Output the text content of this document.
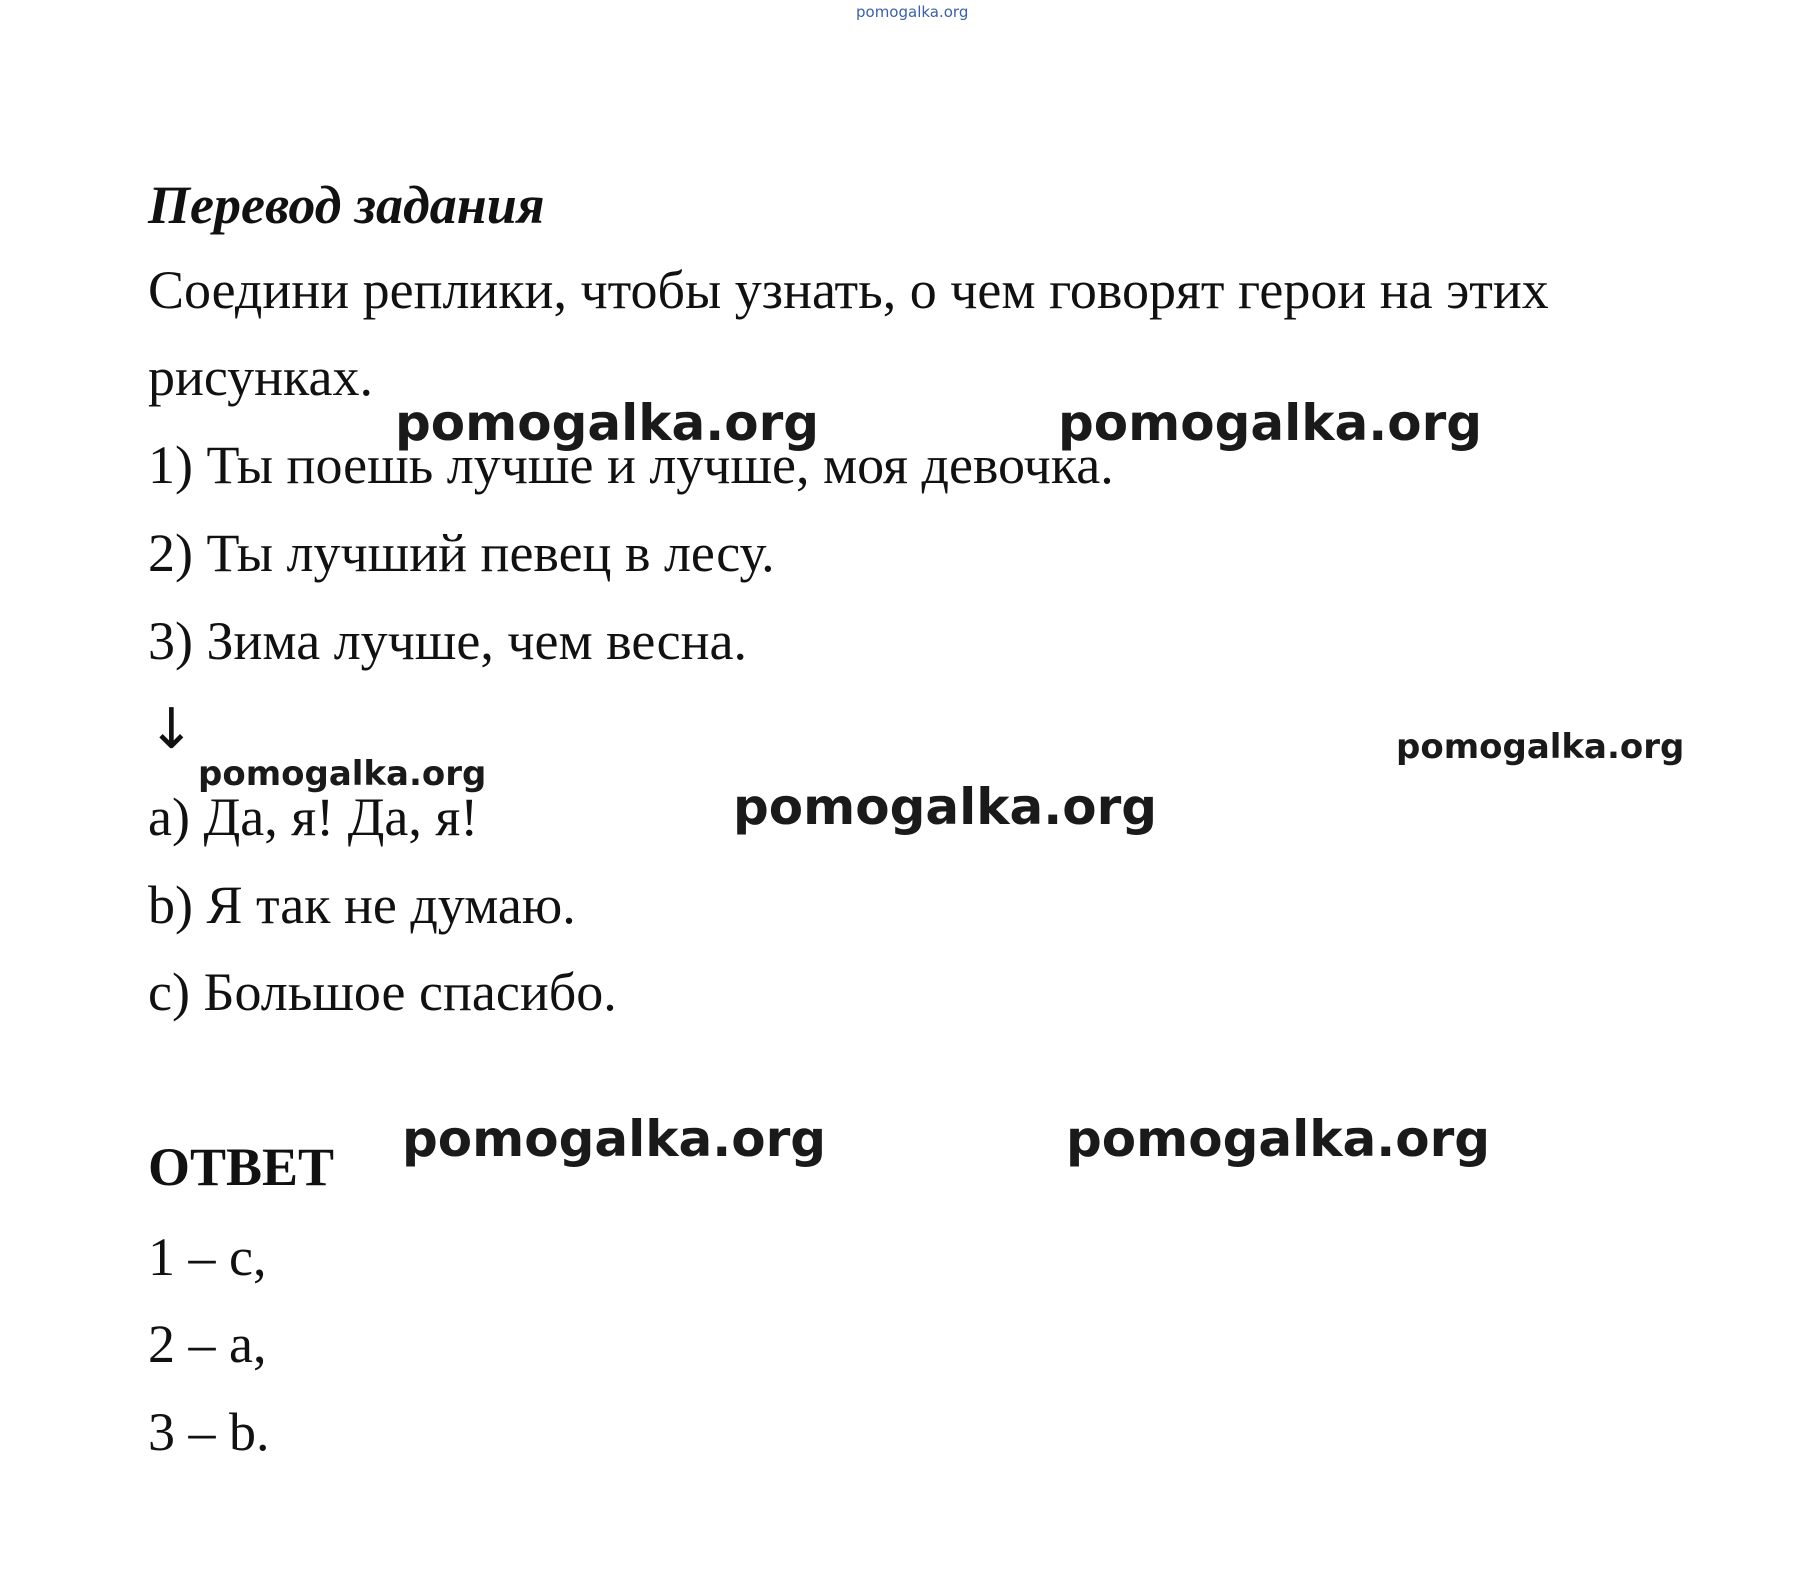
pomogalka.org
Перевод задания
Соедини реплики, чтобы узнать, о чем говорят герои на этих
рисунках.
1) Ты поешь лучше и лучше, моя девочка.
2) Ты лучший певец в лесу.
3) Зима лучше, чем весна.
↓
a) Да, я! Да, я!
b) Я так не думаю.
c) Большое спасибо.
ОТВЕТ
1 – c,
2 – a,
3 – b.
pomogalka.org	pomogalka.org
pomogalka.org
pomogalka.org
pomogalka.org
pomogalka.org	pomogalka.org
